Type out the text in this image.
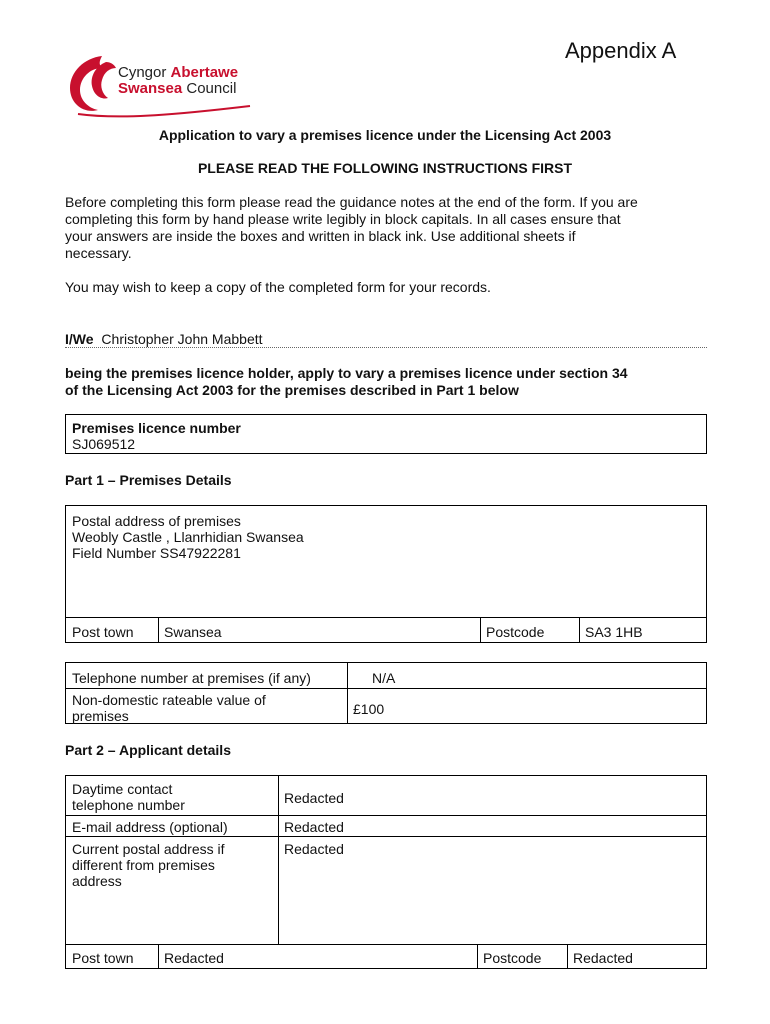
Appendix A
Cyngor Abertawe
Swansea Council
Application to vary a premises licence under the Licensing Act 2003
PLEASE READ THE FOLLOWING INSTRUCTIONS FIRST
Before completing this form please read the guidance notes at the end of the form. If you are
completing this form by hand please write legibly in block capitals. In all cases ensure that
your answers are inside the boxes and written in black ink. Use additional sheets if
necessary.
You may wish to keep a copy of the completed form for your records.
I/We Christopher John Mabbett
being the premises licence holder, apply to vary a premises licence under section 34
of the Licensing Act 2003 for the premises described in Part 1 below
Premises licence number
SJ069512
Part 1 – Premises Details
Postal address of premises
Weobly Castle , Llanrhidian Swansea
Field Number SS47922281
Post town	Swansea	Postcode	SA3 1HB
Telephone number at premises (if any)	N/A
Non-domestic rateable value of
premises	£100
Part 2 – Applicant details
Daytime contact
telephone number	Redacted
E-mail address (optional)	Redacted
Current postal address if
different from premises
address
Redacted
Post town	Redacted	Postcode	Redacted
